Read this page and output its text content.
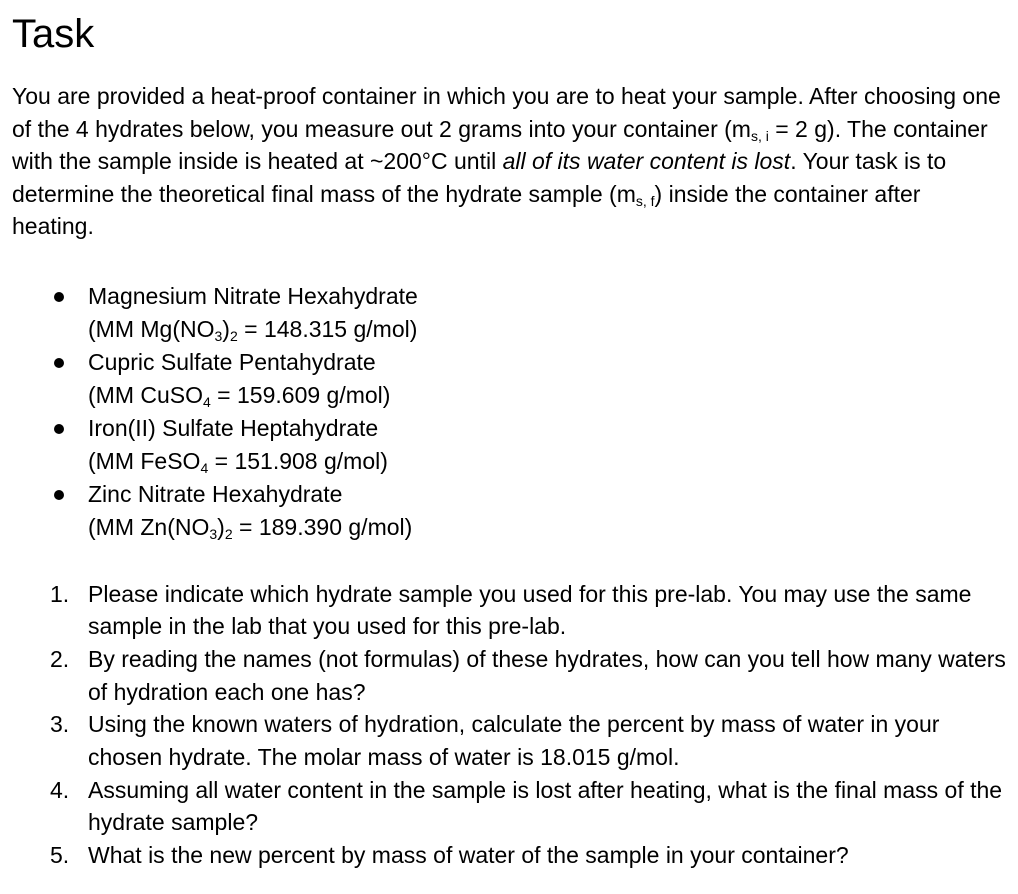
Task

You are provided a heat-proof container in which you are to heat your sample. After choosing one of the 4 hydrates below, you measure out 2 grams into your container ($m_{s, i} = 2$ g). The container with the sample inside is heated at ~200°C until all of its water content is lost. Your task is to determine the theoretical final mass of the hydrate sample $(m_{s, f})$ inside the container after heating.

Magnesium Nitrate Hexahydrate
(MM $Mg(NO_3)_2 = 148.315$ g/mol)
Cupric Sulfate Pentahydrate
(MM CuSO$_4$ = 159.609 g/mol)
Iron(II) Sulfate Heptahydrate
(MM FeSO$_4$ = 151.908 g/mol)
Zinc Nitrate Hexahydrate
(MM $Zn(NO_3)_2 = 189.390$ g/mol)
1. Please indicate which hydrate sample you used for this pre-lab. You may use the same sample in the lab that you used for this pre-lab.
2. By reading the names (not formulas) of these hydrates, how can you tell how many waters of hydration each one has?
3. Using the known waters of hydration, calculate the percent by mass of water in your chosen hydrate. The molar mass of water is 18.015 g/mol.
4. Assuming all water content in the sample is lost after heating, what is the final mass of the hydrate sample?
5. What is the new percent by mass of water of the sample in your container?
